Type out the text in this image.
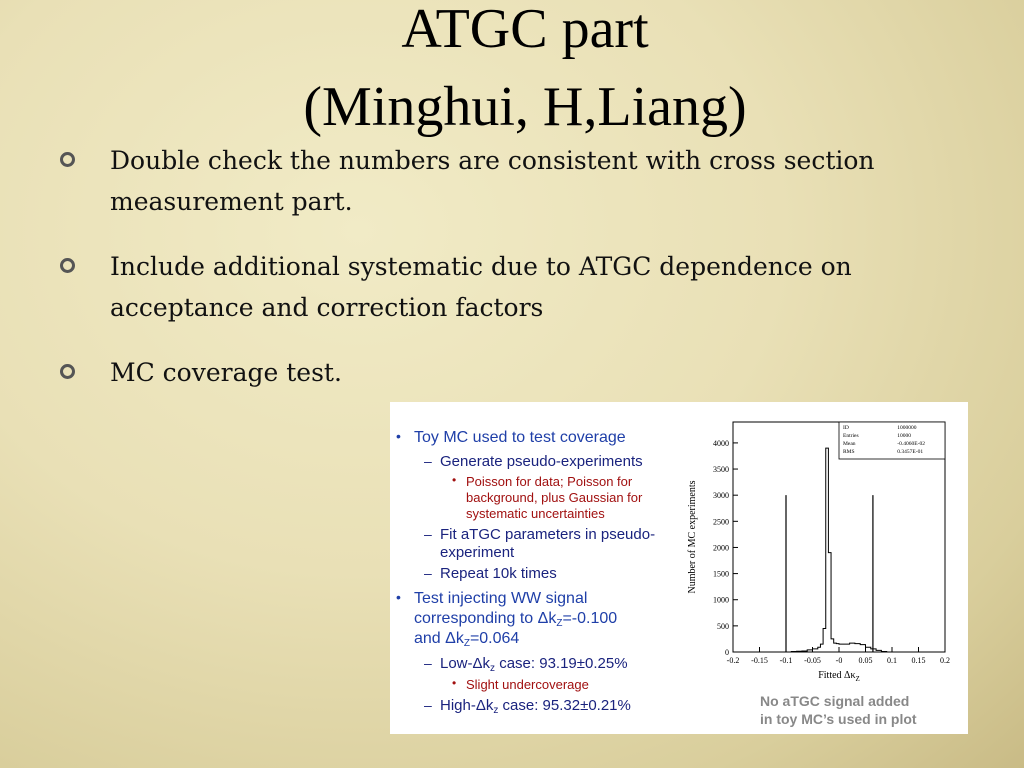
ATGC part
(Minghui, H,Liang)
Double check the numbers are consistent with cross section measurement part.
Include additional systematic due to ATGC dependence on acceptance and correction factors
MC coverage test.
• Toy MC used to test coverage
– Generate pseudo-experiments
• Poisson for data; Poisson for
background, plus Gaussian for
systematic uncertainties
– Fit aTGC parameters in pseudo-
experiment
– Repeat 10k times
• Test injecting WW signal
corresponding to $\Delta k_Z=-0.100$
and $\Delta k_Z=0.064$
– Low-$\Delta k_z$ case: 93.19±0.25%
• Slight undercoverage
– High-$\Delta k_z$ case: 95.32±0.21%
0
500
1000
1500
2000
2500
3000
3500
4000
-0.2 -0.15 -0.1 -0.05 -0 0.05 0.1 0.15 0.2
Fitted $\Delta\kappa_Z$
Number of MC experiments
ID	1000000
Entries	10000
Mean	-0.4060E-02
RMS	0.3457E-01
No aTGC signal added
in toy MC’s used in plot
